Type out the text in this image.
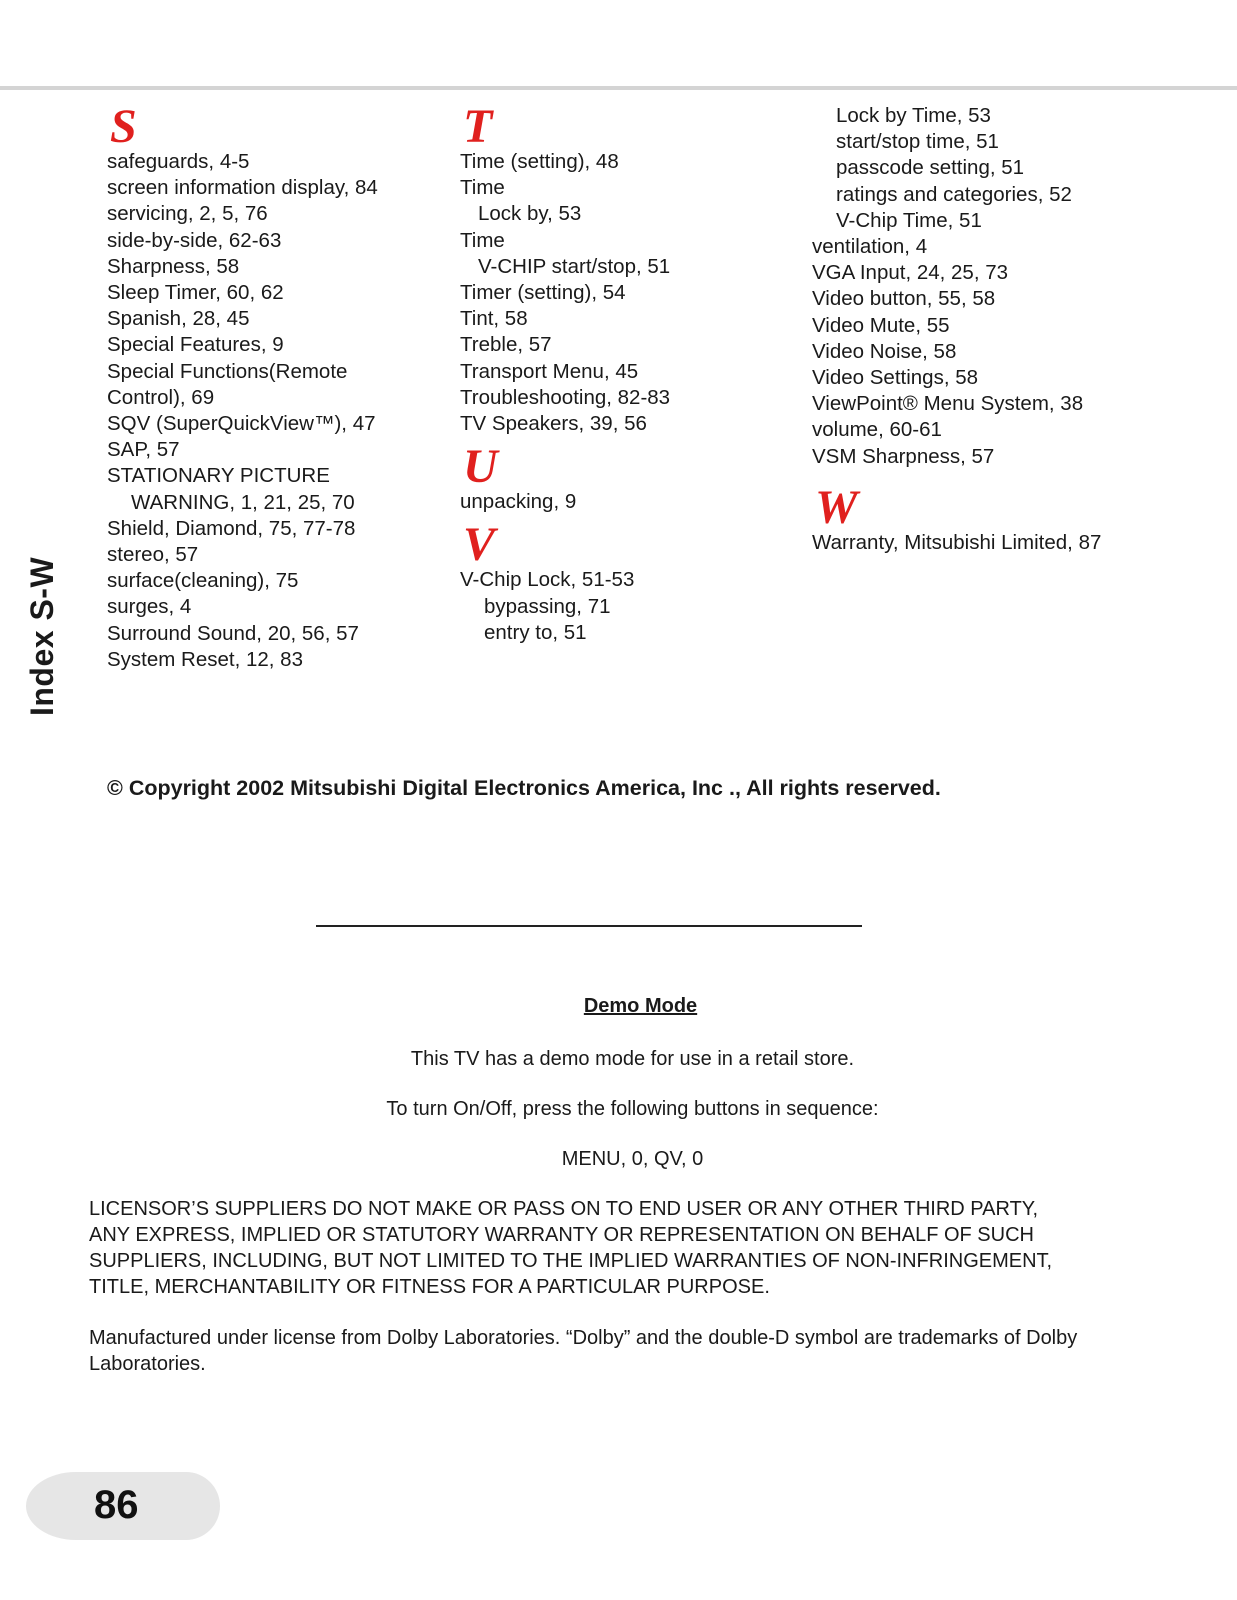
Index S-W
S
safeguards, 4-5
screen information display, 84
servicing, 2, 5, 76
side-by-side, 62-63
Sharpness, 58
Sleep Timer, 60, 62
Spanish, 28, 45
Special Features, 9
Special Functions(Remote
Control), 69
SQV (SuperQuickView™), 47
SAP, 57
STATIONARY PICTURE
WARNING, 1, 21, 25, 70
Shield, Diamond, 75, 77-78
stereo, 57
surface(cleaning), 75
surges, 4
Surround Sound, 20, 56, 57
System Reset, 12, 83
T
Time (setting), 48
Time
Lock by, 53
Time
V-CHIP start/stop, 51
Timer (setting), 54
Tint, 58
Treble, 57
Transport Menu, 45
Troubleshooting, 82-83
TV Speakers, 39, 56
U
unpacking, 9
V
V-Chip Lock, 51-53
bypassing, 71
entry to, 51
Lock by Time, 53
start/stop time, 51
passcode setting, 51
ratings and categories, 52
V-Chip Time, 51
ventilation, 4
VGA Input, 24, 25, 73
Video button, 55, 58
Video Mute, 55
Video Noise, 58
Video Settings, 58
ViewPoint® Menu System, 38
volume, 60-61
VSM Sharpness, 57
W
Warranty, Mitsubishi Limited, 87
© Copyright 2002 Mitsubishi Digital Electronics America, Inc ., All rights reserved.
Demo Mode
This TV has a demo mode for use in a retail store.
To turn On/Off, press the following buttons in sequence:
MENU, 0, QV, 0
LICENSOR’S SUPPLIERS DO NOT MAKE OR PASS ON TO END USER OR ANY OTHER THIRD PARTY,
ANY EXPRESS, IMPLIED OR STATUTORY WARRANTY OR REPRESENTATION ON BEHALF OF SUCH
SUPPLIERS, INCLUDING, BUT NOT LIMITED TO THE IMPLIED WARRANTIES OF NON-INFRINGEMENT,
TITLE, MERCHANTABILITY OR FITNESS FOR A PARTICULAR PURPOSE.
Manufactured under license from Dolby Laboratories. “Dolby” and the double-D symbol are trademarks of Dolby
Laboratories.
86
